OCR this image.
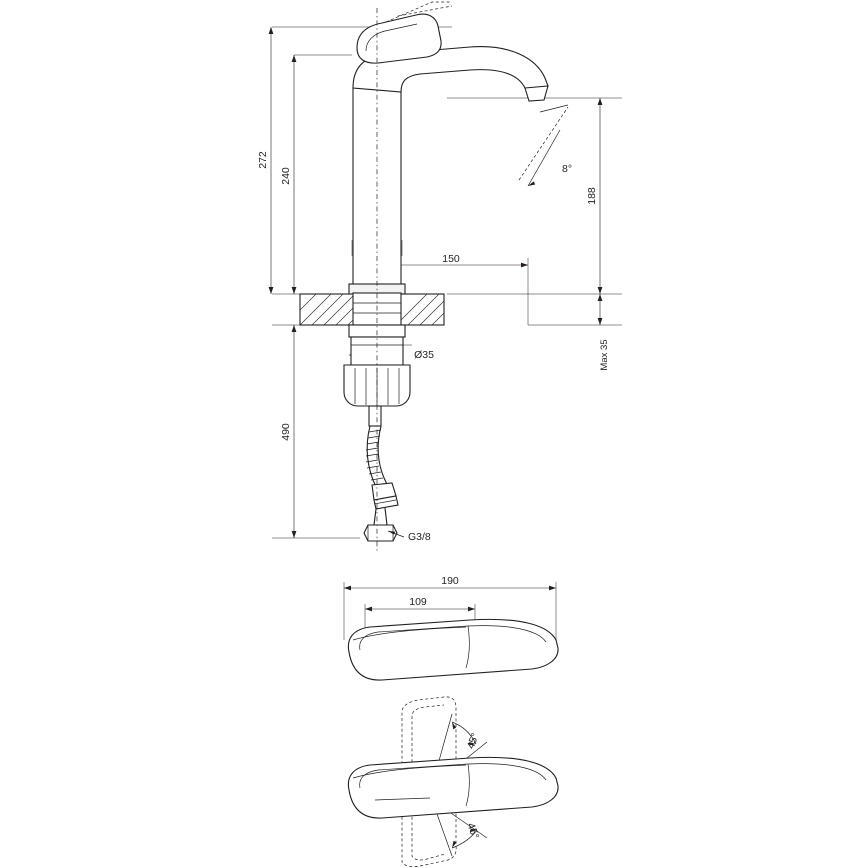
272
240
490
188
Max 35
150
Ø35
8°
G3/8
190
109
45°
45°
